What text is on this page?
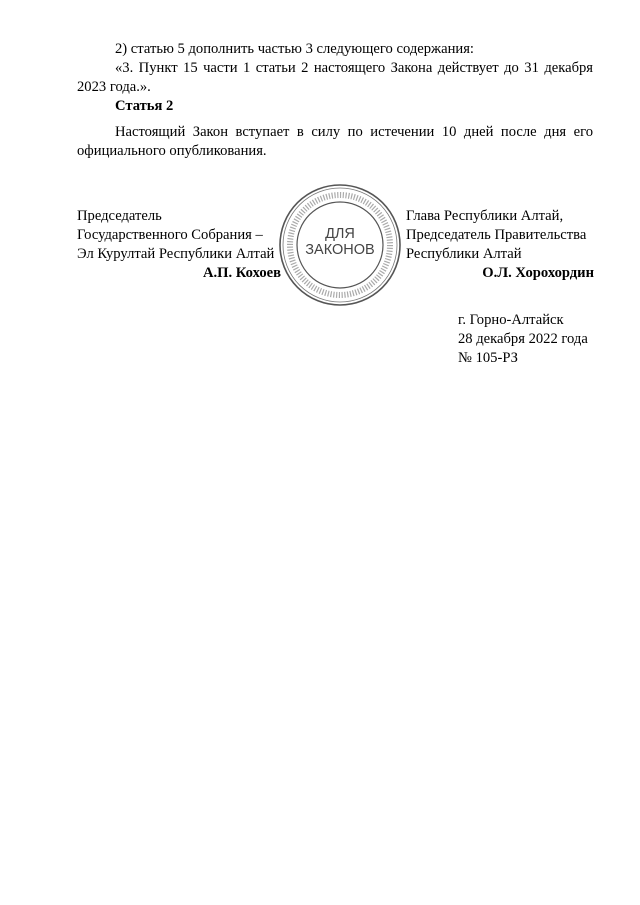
2) статью 5 дополнить частью 3 следующего содержания:

«3. Пункт 15 части 1 статьи 2 настоящего Закона действует до 31 декабря 2023 года.».

Статья 2

Настоящий Закон вступает в силу по истечении 10 дней после дня его официального опубликования.

Председатель
Государственного Собрания –
Эл Курултай Республики Алтай
А.П. Кохоев
Глава Республики Алтай,
Председатель Правительства
Республики Алтай
О.Л. Хорохордин
ДЛЯ
ЗАКОНОВ
г. Горно-Алтайск
28 декабря 2022 года
№ 105-РЗ
